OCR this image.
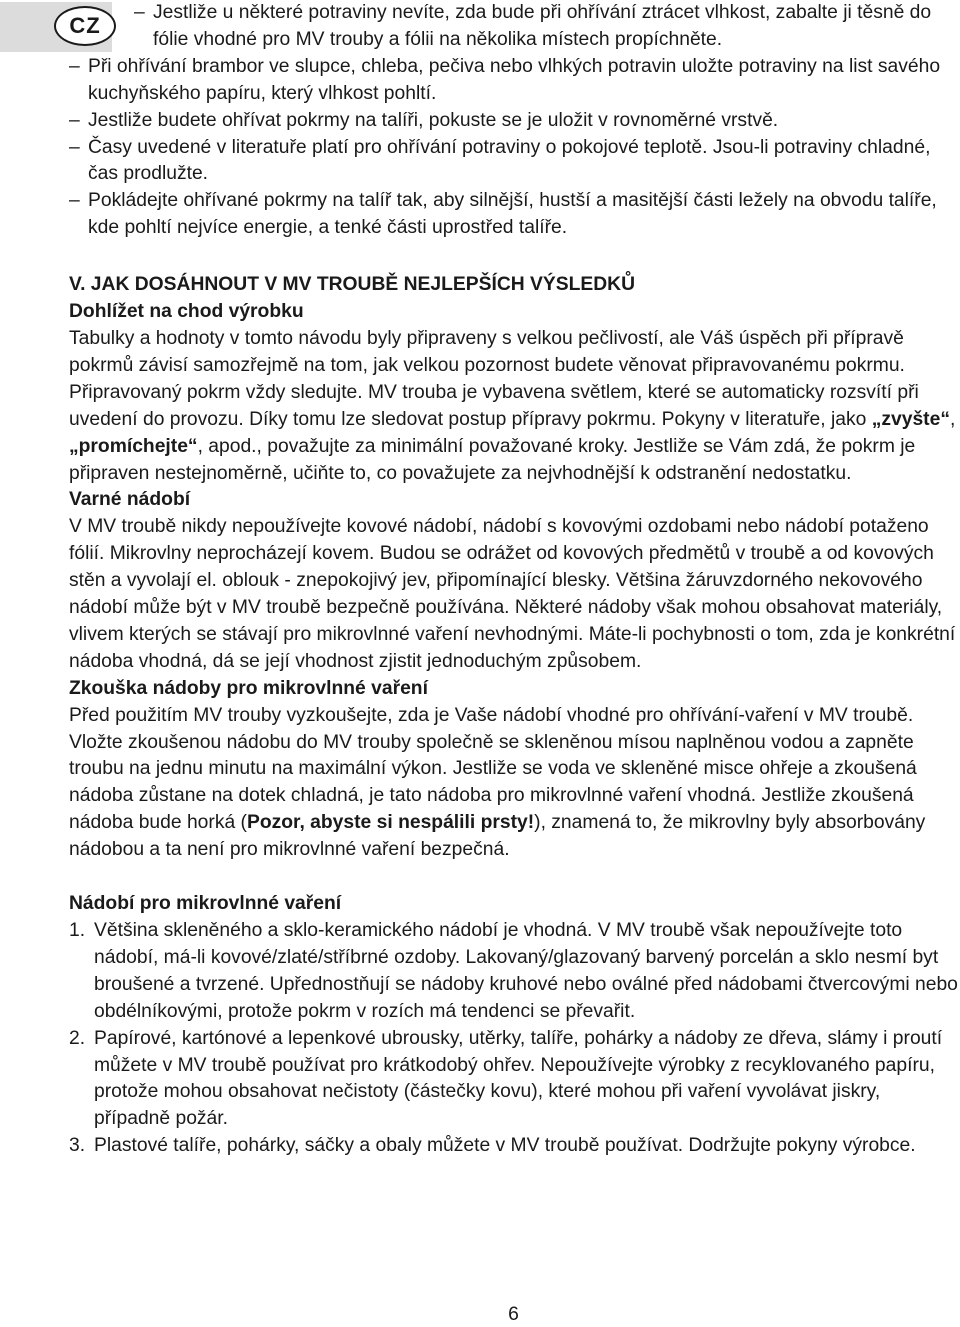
CZ
– Jestliže u některé potraviny nevíte, zda bude při ohřívání ztrácet vlhkost, zabalte ji těsně do fólie vhodné pro MV trouby a fólii na několika místech propíchněte.
– Při ohřívání brambor ve slupce, chleba, pečiva nebo vlhkých potravin uložte potraviny na list savého kuchyňského papíru, který vlhkost pohltí.
– Jestliže budete ohřívat pokrmy na talíři, pokuste se je uložit v rovnoměrné vrstvě.
– Časy uvedené v literatuře platí pro ohřívání potraviny o pokojové teplotě. Jsou-li potraviny chladné, čas prodlužte.
– Pokládejte ohřívané pokrmy na talíř tak, aby silnější, hustší a masitější části ležely na obvodu talíře, kde pohltí nejvíce energie, a tenké části uprostřed talíře.
V. JAK DOSÁHNOUT V MV TROUBĚ NEJLEPŠÍCH VÝSLEDKŮ
Dohlížet na chod výrobku
Tabulky a hodnoty v tomto návodu byly připraveny s velkou pečlivostí, ale Váš úspěch při přípravě pokrmů závisí samozřejmě na tom, jak velkou pozornost budete věnovat připravovanému pokrmu. Připravovaný pokrm vždy sledujte. MV trouba je vybavena světlem, které se automaticky rozsvítí při uvedení do provozu. Díky tomu lze sledovat postup přípravy pokrmu. Pokyny v literatuře, jako „zvyšte“, „promíchejte“, apod., považujte za minimální považované kroky. Jestliže se Vám zdá, že pokrm je připraven nestejnoměrně, učiňte to, co považujete za nejvhodnější k odstranění nedostatku.
Varné nádobí
V MV troubě nikdy nepoužívejte kovové nádobí, nádobí s kovovými ozdobami nebo nádobí potaženo fólií. Mikrovlny neprocházejí kovem. Budou se odrážet od kovových předmětů v troubě a od kovových stěn a vyvolají el. oblouk - znepokojivý jev, připomínající blesky. Většina žáruvzdorného nekovového nádobí může být v MV troubě bezpečně používána. Některé nádoby však mohou obsahovat materiály, vlivem kterých se stávají pro mikrovlnné vaření nevhodnými. Máte-li pochybnosti o tom, zda je konkrétní nádoba vhodná, dá se její vhodnost zjistit jednoduchým způsobem.
Zkouška nádoby pro mikrovlnné vaření
Před použitím MV trouby vyzkoušejte, zda je Vaše nádobí vhodné pro ohřívání-vaření v MV troubě. Vložte zkoušenou nádobu do MV trouby společně se skleněnou mísou naplněnou vodou a zapněte troubu na jednu minutu na maximální výkon. Jestliže se voda ve skleněné misce ohřeje a zkoušená nádoba zůstane na dotek chladná, je tato nádoba pro mikrovlnné vaření vhodná. Jestliže zkoušená nádoba bude horká (Pozor, abyste si nespálili prsty!), znamená to, že mikrovlny byly absorbovány nádobou a ta není pro mikrovlnné vaření bezpečná.
Nádobí pro mikrovlnné vaření
1. Většina skleněného a sklo-keramického nádobí je vhodná. V MV troubě však nepoužívejte toto nádobí, má-li kovové/zlaté/stříbrné ozdoby. Lakovaný/glazovaný barvený porcelán a sklo nesmí byt broušené a tvrzené. Upřednostňují se nádoby kruhové nebo oválné před nádobami čtvercovými nebo obdélníkovými, protože pokrm v rozích má tendenci se převařit.
2. Papírové, kartónové a lepenkové ubrousky, utěrky, talíře, pohárky a nádoby ze dřeva, slámy i proutí můžete v MV troubě používat pro krátkodobý ohřev. Nepoužívejte výrobky z recyklovaného papíru, protože mohou obsahovat nečistoty (částečky kovu), které mohou při vaření vyvolávat jiskry, případně požár.
3. Plastové talíře, pohárky, sáčky a obaly můžete v MV troubě používat. Dodržujte pokyny výrobce.
6
